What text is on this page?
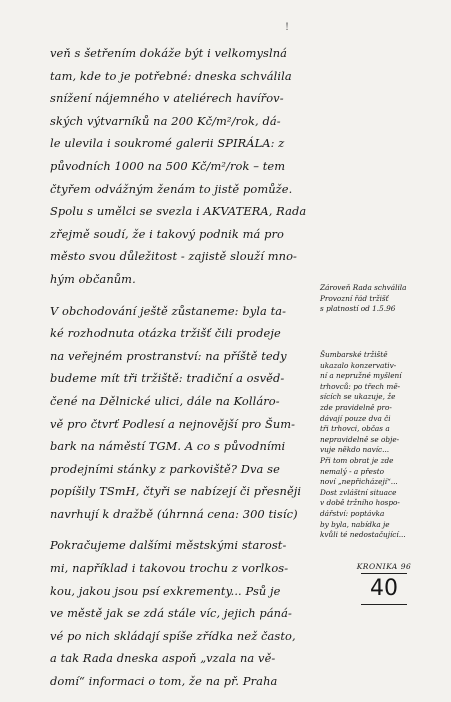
!

veň s šetřením dokáže být i velkomyslná
tam, kde to je potřebné: dneska schválila
snížení nájemného v ateliérech havířov-
ských výtvarníků na 200 Kč/m²/rok, dá-
le ulevila i soukromé galerii SPIRÁLA: z
původních 1000 na 500 Kč/m²/rok – tem
čtyřem odvážným ženám to jistě pomůže.
Spolu s umělci se svezla i AKVATERA, Rada
zřejmě soudí, že i takový podnik má pro
město svou důležitost - zajistě slouží mno-
hým občanům.

V obchodování ještě zůstaneme: byla ta-
ké rozhodnuta otázka tržišť čili prodeje
na veřejném prostranství: na příště tedy
budeme mít tři tržiště: tradiční a osvěd-
čené na Dělnické ulici, dále na Kolláro-
vě pro čtvrť Podlesí a nejnovější pro Šum-
bark na náměstí TGM. A co s původními
prodejními stánky z parkoviště? Dva se
popíšily TSmH, čtyři se nabízejí či přesněji
navrhují k dražbě (úhrnná cena: 300 tisíc)

Pokračujeme dalšími městskými starost-
mi, například i takovou trochu z vorlkos-
kou, jakou jsou psí exkrementy... Psů je
ve městě jak se zdá stále víc, jejich páná-
vé po nich skládají spíše zřídka než často,
a tak Rada dneska aspoň „vzala na vě-
domí“ informaci o tom, že na př. Praha

Zároveň Rada schválila
Provozní řád tržišť
s platností od 1.5.96
Šumbarské tržiště
ukazalo konzervativ-
ní a nepružné myšlení
trhovců: po třech mě-
sících se ukazuje, že
zde pravidelně pro-
dávají pouze dva či
tři trhovci, občas a
nepravidelně se obje-
vuje někdo navíc...
Při tom obrat je zde
nemalý - a přesto
noví „nepřicházejí“...
Dost zvláštní situace
v době tržního hospo-
dářství: poptávka
by byla, nabídka je
kvůli té nedostačující...
KRONIKA 96
40
